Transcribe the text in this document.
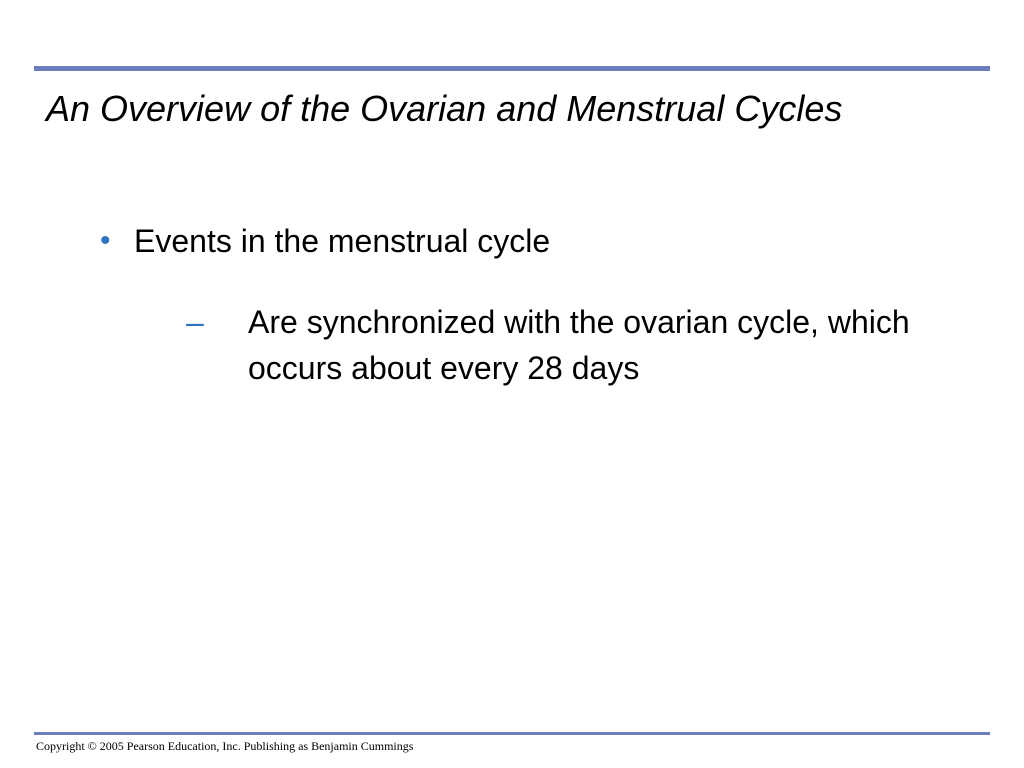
An Overview of the Ovarian and Menstrual Cycles
• Events in the menstrual cycle
–	Are synchronized with the ovarian cycle, which occurs about every 28 days
Copyright © 2005 Pearson Education, Inc. Publishing as Benjamin Cummings
